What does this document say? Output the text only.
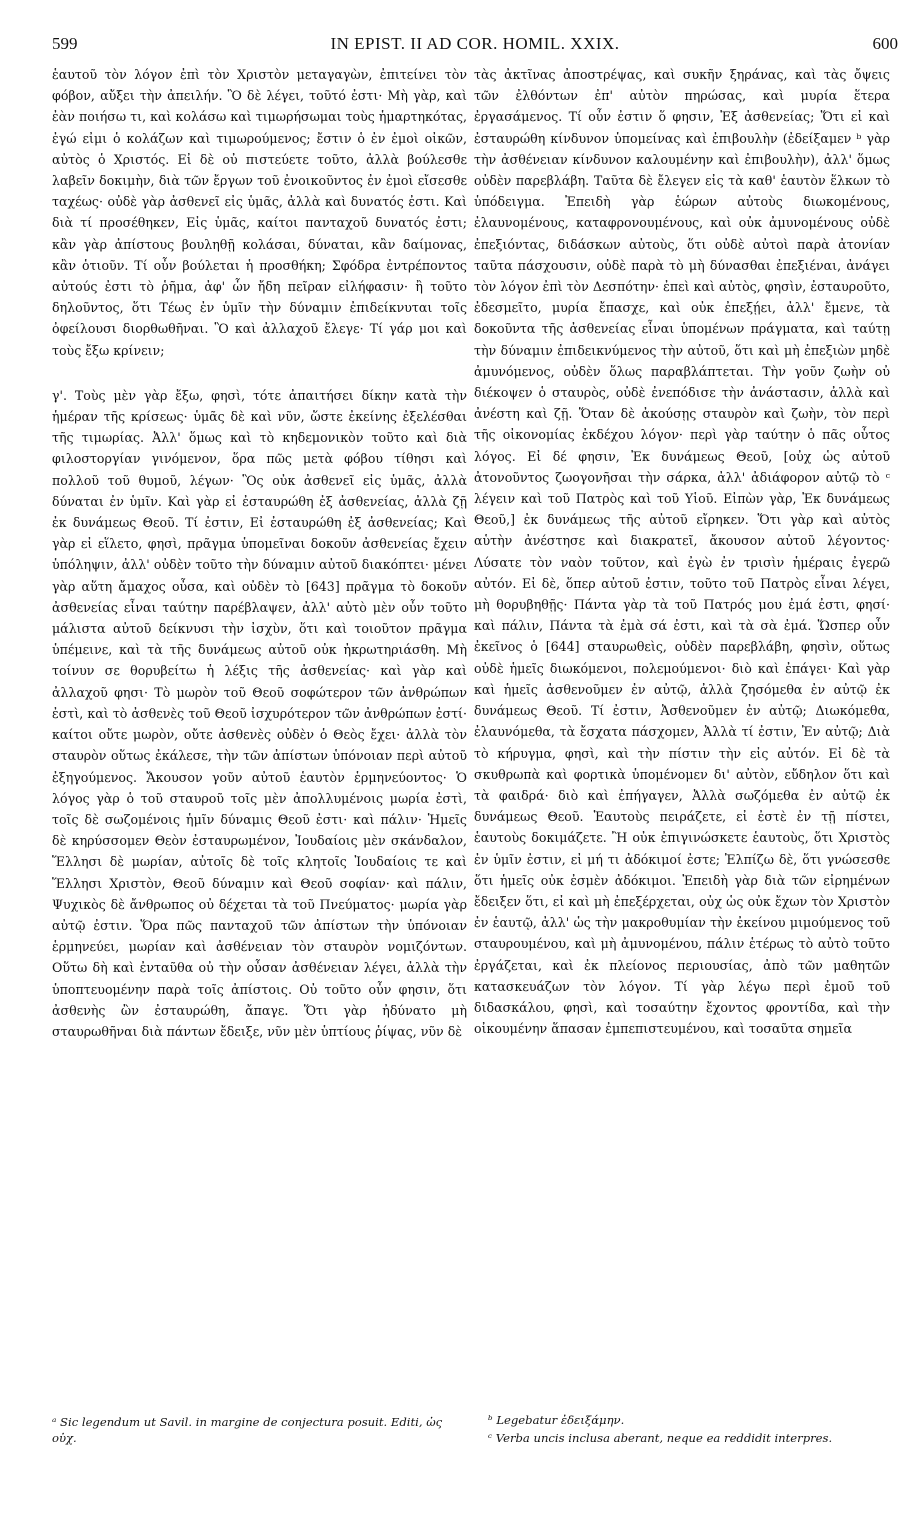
599	IN EPIST. II AD COR. HOMIL. XXIX.	600

ἑαυτοῦ τὸν λόγον ἐπὶ τὸν Χριστὸν μεταγαγὼν, ἐπιτείνει τὸν φόβον, αὔξει τὴν ἀπειλήν. Ὃ δὲ λέγει, τοῦτό ἐστι· Μὴ γὰρ, καὶ ἐὰν ποιήσω τι, καὶ κολάσω καὶ τιμωρήσωμαι τοὺς ἡμαρτηκότας, ἐγώ εἰμι ὁ κολάζων καὶ τιμωρούμενος; ἔστιν ὁ ἐν ἐμοὶ οἰκῶν, αὐτὸς ὁ Χριστός. Εἰ δὲ οὐ πιστεύετε τοῦτο, ἀλλὰ βούλεσθε λαβεῖν δοκιμὴν, διὰ τῶν ἔργων τοῦ ἐνοικοῦντος ἐν ἐμοὶ εἴσεσθε ταχέως· οὐδὲ γὰρ ἀσθενεῖ εἰς ὑμᾶς, ἀλλὰ καὶ δυνατός ἐστι. Καὶ διὰ τί προσέθηκεν, Εἰς ὑμᾶς, καίτοι πανταχοῦ δυνατός ἐστι; κἂν γὰρ ἀπίστους βουληθῇ κολάσαι, δύναται, κἂν δαίμονας, κἂν ὁτιοῦν. Τί οὖν βούλεται ἡ προσθήκη; Σφόδρα ἐντρέποντος αὐτούς ἐστι τὸ ῥῆμα, ἀφ' ὧν ἤδη πεῖραν εἰλήφασιν· ἢ τοῦτο δηλοῦντος, ὅτι Τέως ἐν ὑμῖν τὴν δύναμιν ἐπιδείκνυται τοῖς ὀφείλουσι διορθωθῆναι. Ὃ καὶ ἀλλαχοῦ ἔλεγε· Τί γάρ μοι καὶ τοὺς ἔξω κρίνειν;

γ'. Τοὺς μὲν γὰρ ἔξω, φησὶ, τότε ἀπαιτήσει δίκην κατὰ τὴν ἡμέραν τῆς κρίσεως· ὑμᾶς δὲ καὶ νῦν, ὥστε ἐκείνης ἐξελέσθαι τῆς τιμωρίας. Ἀλλ' ὅμως καὶ τὸ κηδεμονικὸν τοῦτο καὶ διὰ φιλοστοργίαν γινόμενον, ὅρα πῶς μετὰ φόβου τίθησι καὶ πολλοῦ τοῦ θυμοῦ, λέγων· Ὃς οὐκ ἀσθενεῖ εἰς ὑμᾶς, ἀλλὰ δύναται ἐν ὑμῖν. Καὶ γὰρ εἰ ἐσταυρώθη ἐξ ἀσθενείας, ἀλλὰ ζῇ ἐκ δυνάμεως Θεοῦ. Τί ἐστιν, Εἰ ἐσταυρώθη ἐξ ἀσθενείας; Καὶ γὰρ εἰ εἵλετο, φησὶ, πρᾶγμα ὑπομεῖναι δοκοῦν ἀσθενείας ἔχειν ὑπόληψιν, ἀλλ' οὐδὲν τοῦτο τὴν δύναμιν αὐτοῦ διακόπτει· μένει γὰρ αὕτη ἄμαχος οὖσα, καὶ οὐδὲν τὸ [643] πρᾶγμα τὸ δοκοῦν ἀσθενείας εἶναι ταύτην παρέβλαψεν, ἀλλ' αὐτὸ μὲν οὖν τοῦτο μάλιστα αὐτοῦ δείκνυσι τὴν ἰσχὺν, ὅτι καὶ τοιοῦτον πρᾶγμα ὑπέμεινε, καὶ τὰ τῆς δυνάμεως αὐτοῦ οὐκ ἠκρωτηριάσθη. Μὴ τοίνυν σε θορυβείτω ἡ λέξις τῆς ἀσθενείας· καὶ γὰρ καὶ ἀλλαχοῦ φησι· Τὸ μωρὸν τοῦ Θεοῦ σοφώτερον τῶν ἀνθρώπων ἐστὶ, καὶ τὸ ἀσθενὲς τοῦ Θεοῦ ἰσχυρότερον τῶν ἀνθρώπων ἐστί· καίτοι οὔτε μωρὸν, οὔτε ἀσθενὲς οὐδὲν ὁ Θεὸς ἔχει· ἀλλὰ τὸν σταυρὸν οὕτως ἐκάλεσε, τὴν τῶν ἀπίστων ὑπόνοιαν περὶ αὐτοῦ ἐξηγούμενος. Ἄκουσον γοῦν αὐτοῦ ἑαυτὸν ἑρμηνεύοντος· Ὁ λόγος γὰρ ὁ τοῦ σταυροῦ τοῖς μὲν ἀπολλυμένοις μωρία ἐστὶ, τοῖς δὲ σωζομένοις ἡμῖν δύναμις Θεοῦ ἐστι· καὶ πάλιν· Ἡμεῖς δὲ κηρύσσομεν Θεὸν ἐσταυρωμένον, Ἰουδαίοις μὲν σκάνδαλον, Ἕλλησι δὲ μωρίαν, αὐτοῖς δὲ τοῖς κλητοῖς Ἰουδαίοις τε καὶ Ἕλλησι Χριστὸν, Θεοῦ δύναμιν καὶ Θεοῦ σοφίαν· καὶ πάλιν, Ψυχικὸς δὲ ἄνθρωπος οὐ δέχεται τὰ τοῦ Πνεύματος· μωρία γὰρ αὐτῷ ἐστιν. Ὅρα πῶς πανταχοῦ τῶν ἀπίστων τὴν ὑπόνοιαν ἑρμηνεύει, μωρίαν καὶ ἀσθένειαν τὸν σταυρὸν νομιζόντων. Οὕτω δὴ καὶ ἐνταῦθα οὐ τὴν οὖσαν ἀσθένειαν λέγει, ἀλλὰ τὴν ὑποπτευομένην παρὰ τοῖς ἀπίστοις. Οὐ τοῦτο οὖν φησιν, ὅτι ἀσθενὴς ὢν ἐσταυρώθη, ἄπαγε. Ὅτι γὰρ ἠδύνατο μὴ σταυρωθῆναι διὰ πάντων ἔδειξε, νῦν μὲν ὑπτίους ῥίψας, νῦν δὲ

τὰς ἀκτῖνας ἀποστρέψας, καὶ συκῆν ξηράνας, καὶ τὰς ὄψεις τῶν ἐλθόντων ἐπ' αὐτὸν πηρώσας, καὶ μυρία ἕτερα ἐργασάμενος. Τί οὖν ἐστιν ὅ φησιν, Ἐξ ἀσθενείας; Ὅτι εἰ καὶ ἐσταυρώθη κίνδυνον ὑπομείνας καὶ ἐπιβουλὴν (ἐδείξαμεν ᵇ γὰρ τὴν ἀσθένειαν κίνδυνον καλουμένην καὶ ἐπιβουλὴν), ἀλλ' ὅμως οὐδὲν παρεβλάβη. Ταῦτα δὲ ἔλεγεν εἰς τὰ καθ' ἑαυτὸν ἕλκων τὸ ὑπόδειγμα. Ἐπειδὴ γὰρ ἑώρων αὐτοὺς διωκομένους, ἐλαυνομένους, καταφρονουμένους, καὶ οὐκ ἀμυνομένους οὐδὲ ἐπεξιόντας, διδάσκων αὐτοὺς, ὅτι οὐδὲ αὐτοὶ παρὰ ἀτονίαν ταῦτα πάσχουσιν, οὐδὲ παρὰ τὸ μὴ δύνασθαι ἐπεξιέναι, ἀνάγει τὸν λόγον ἐπὶ τὸν Δεσπότην· ἐπεὶ καὶ αὐτὸς, φησὶν, ἐσταυροῦτο, ἐδεσμεῖτο, μυρία ἔπασχε, καὶ οὐκ ἐπεξῄει, ἀλλ' ἔμενε, τὰ δοκοῦντα τῆς ἀσθενείας εἶναι ὑπομένων πράγματα, καὶ ταύτῃ τὴν δύναμιν ἐπιδεικνύμενος τὴν αὐτοῦ, ὅτι καὶ μὴ ἐπεξιὼν μηδὲ ἀμυνόμενος, οὐδὲν ὅλως παραβλάπτεται. Τὴν γοῦν ζωὴν οὐ διέκοψεν ὁ σταυρὸς, οὐδὲ ἐνεπόδισε τὴν ἀνάστασιν, ἀλλὰ καὶ ἀνέστη καὶ ζῇ. Ὅταν δὲ ἀκούσῃς σταυρὸν καὶ ζωὴν, τὸν περὶ τῆς οἰκονομίας ἐκδέχου λόγον· περὶ γὰρ ταύτην ὁ πᾶς οὗτος λόγος. Εἰ δέ φησιν, Ἐκ δυνάμεως Θεοῦ, [οὐχ ὡς αὐτοῦ ἀτονοῦντος ζωογονῆσαι τὴν σάρκα, ἀλλ' ἀδιάφορον αὐτῷ τὸ ᶜ λέγειν καὶ τοῦ Πατρὸς καὶ τοῦ Υἱοῦ. Εἰπὼν γὰρ, Ἐκ δυνάμεως Θεοῦ,] ἐκ δυνάμεως τῆς αὐτοῦ εἴρηκεν. Ὅτι γὰρ καὶ αὐτὸς αὑτὴν ἀνέστησε καὶ διακρατεῖ, ἄκουσον αὐτοῦ λέγοντος· Λύσατε τὸν ναὸν τοῦτον, καὶ ἐγὼ ἐν τρισὶν ἡμέραις ἐγερῶ αὐτόν. Εἰ δὲ, ὅπερ αὐτοῦ ἐστιν, τοῦτο τοῦ Πατρὸς εἶναι λέγει, μὴ θορυβηθῇς· Πάντα γὰρ τὰ τοῦ Πατρός μου ἐμά ἐστι, φησί· καὶ πάλιν, Πάντα τὰ ἐμὰ σά ἐστι, καὶ τὰ σὰ ἐμά. Ὥσπερ οὖν ἐκεῖνος ὁ [644] σταυρωθεὶς, οὐδὲν παρεβλάβη, φησὶν, οὕτως οὐδὲ ἡμεῖς διωκόμενοι, πολεμούμενοι· διὸ καὶ ἐπάγει· Καὶ γὰρ καὶ ἡμεῖς ἀσθενοῦμεν ἐν αὐτῷ, ἀλλὰ ζησόμεθα ἐν αὐτῷ ἐκ δυνάμεως Θεοῦ. Τί ἐστιν, Ἀσθενοῦμεν ἐν αὐτῷ; Διωκόμεθα, ἐλαυνόμεθα, τὰ ἔσχατα πάσχομεν, Ἀλλὰ τί ἐστιν, Ἐν αὐτῷ; Διὰ τὸ κήρυγμα, φησὶ, καὶ τὴν πίστιν τὴν εἰς αὐτόν. Εἰ δὲ τὰ σκυθρωπὰ καὶ φορτικὰ ὑπομένομεν δι' αὐτὸν, εὔδηλον ὅτι καὶ τὰ φαιδρά· διὸ καὶ ἐπήγαγεν, Ἀλλὰ σωζόμεθα ἐν αὐτῷ ἐκ δυνάμεως Θεοῦ. Ἑαυτοὺς πειράζετε, εἰ ἐστὲ ἐν τῇ πίστει, ἑαυτοὺς δοκιμάζετε. Ἢ οὐκ ἐπιγινώσκετε ἑαυτοὺς, ὅτι Χριστὸς ἐν ὑμῖν ἐστιν, εἰ μή τι ἀδόκιμοί ἐστε; Ἐλπίζω δὲ, ὅτι γνώσεσθε ὅτι ἡμεῖς οὐκ ἐσμὲν ἀδόκιμοι. Ἐπειδὴ γὰρ διὰ τῶν εἰρημένων ἔδειξεν ὅτι, εἰ καὶ μὴ ἐπεξέρχεται, οὐχ ὡς οὐκ ἔχων τὸν Χριστὸν ἐν ἑαυτῷ, ἀλλ' ὡς τὴν μακροθυμίαν τὴν ἐκείνου μιμούμενος τοῦ σταυρουμένου, καὶ μὴ ἀμυνομένου, πάλιν ἑτέρως τὸ αὐτὸ τοῦτο ἐργάζεται, καὶ ἐκ πλείονος περιουσίας, ἀπὸ τῶν μαθητῶν κατασκευάζων τὸν λόγον. Τί γὰρ λέγω περὶ ἐμοῦ τοῦ διδασκάλου, φησὶ, καὶ τοσαύτην ἔχοντος φροντίδα, καὶ τὴν οἰκουμένην ἅπασαν ἐμπεπιστευμένου, καὶ τοσαῦτα σημεῖα

ᵃ Sic legendum ut Savil. in margine de conjectura posuit. Editi, ὡς οὐχ.

ᵇ Legebatur ἐδειξάμην.

ᶜ Verba uncis inclusa aberant, neque ea reddidit interpres.
